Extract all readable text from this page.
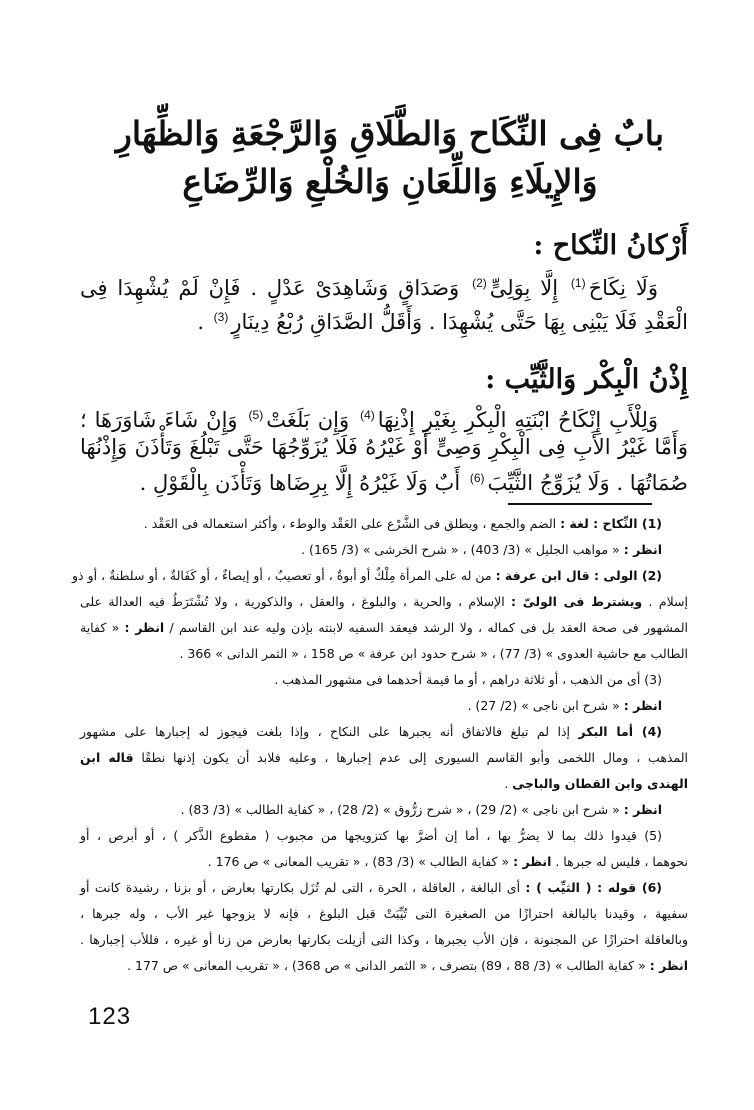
بابٌ فِى النِّكَاح وَالطَّلَاقِ وَالرَّجْعَةِ وَالظِّهَارِ
وَالإِيلَاءِ وَاللِّعَانِ وَالخُلْعِ وَالرِّضَاعِ
أَرْكانُ النِّكاح :
وَلَا نِكَاحَ$^{(1)}$ إِلَّا بِوَلِىٍّ$^{(2)}$ وَصَدَاقٍ وَشَاهِدَىْ عَدْلٍ . فَإِنْ لَمْ يُشْهِدَا فِى
الْعَقْدِ فَلَا يَبْنِى بِهَا حَتَّى يُشْهِدَا . وَأَقَلُّ الصَّدَاقِ رُبْعُ دِينَارٍ$^{(3)}$ .
إِذْنُ الْبِكْر وَالثَّيِّب :
وَلِلْأَبِ إِنْكَاحُ ابْنَتِهِ الْبِكْرِ بِغَيْرِ إِذْنِهَا$^{(4)}$ وَإِن بَلَغَتْ$^{(5)}$ وَإِنْ شَاءَ شَاوَرَهَا ؛
وَأَمَّا غَيْرُ الأَبِ فِى الْبِكْرِ وَصِىٍّ أَوْ غَيْرُهُ فَلَا يُزَوِّجُهَا حَتَّى تَبْلُغَ وَتَأْذَنَ وَإِذْنُهَا
صُمَاتُهَا . وَلَا يُزَوِّجُ الثَّيِّبَ$^{(6)}$ أَبٌ وَلَا غَيْرُهُ إِلَّا بِرِضَاها وَتَأْذَن بِالْقَوْلِ .
(1) النِّكاح : لغة : الضم والجمع ، ويطلق فى الشَّرْع على العَقْد والوطء ، وأكثر استعماله فى العَقْد .
انظر : « مواهب الجليل » (3/ 403) ، « شرح الخرشى » (3/ 165) .
(2) الولى : قال ابن عرفة : من له على المرأة مِلْكٌ أو أبوةٌ ، أو تعصيبٌ ، أو إيصاءٌ ، أو كَفَالةٌ ، أو سلطنةٌ ، أو ذو
إسلام . ويشترط فى الولىّ : الإسلام ، والحرية ، والبلوغ ، والعقل ، والذكورية ، ولا تُشْتَرَطُ فيه العدالة على
المشهور فى صحة العقد بل فى كماله ، ولا الرشد فيعقد السفيه لابنته بإذن وليه عند ابن القاسم / انظر : « كفاية
الطالب مع حاشية العدوى » (3/ 77) ، « شرح حدود ابن عرفة » ص 158 ، « الثمر الدانى » 366 .
(3) أى من الذهب ، أو ثلاثة دراهم ، أو ما قيمة أحدهما فى مشهور المذهب .
انظر : « شرح ابن ناجى » (2/ 27) .
(4) أما البكر إذا لم تبلغ فالاتفاق أنه يجبرها على النكاح ، وإذا بلغت فيجوز له إجبارها على مشهور
المذهب ، ومال اللخمى وأبو القاسم السيورى إلى عدم إجبارها ، وعليه فلابد أن يكون إذنها نطقًا قاله ابن
الهندى وابن القطان والباجى .
انظر : « شرح ابن ناجى » (2/ 29) ، « شرح زرُّوق » (2/ 28) ، « كفاية الطالب » (3/ 83) .
(5) قيدوا ذلك بما لا يضرُّ بها ، أما إن أضرَّ بها كتزويجها من مجبوب ( مقطوع الذَّكر ) ، أو أبرص ، أو
نحوهما ، فليس له جبرها . انظر : « كفاية الطالب » (3/ 83) ، « تقريب المعانى » ص 176 .
(6) قوله : ( الثيِّب ) : أى البالغة ، العاقلة ، الحرة ، التى لم تُزَل بكارتها بعارض ، أو بزنا ، رشيدة كانت أو
سفيهة ، وقيدنا بالبالغة احترازًا من الصغيرة التى تُيِّبَتْ قبل البلوغ ، فإنه لا يزوجها غير الأب ، وله جبرها ،
وبالعاقلة احترازًا عن المجنونة ، فإن الأب يجبرها ، وكذا التى أزيلت بكارتها بعارض من زنا أو غيره ، فللأب إجبارها .
انظر : « كفاية الطالب » (3/ 88 ، 89) بتصرف ، « الثمر الدانى » ص 368) ، « تقريب المعانى » ص 177 .
123
